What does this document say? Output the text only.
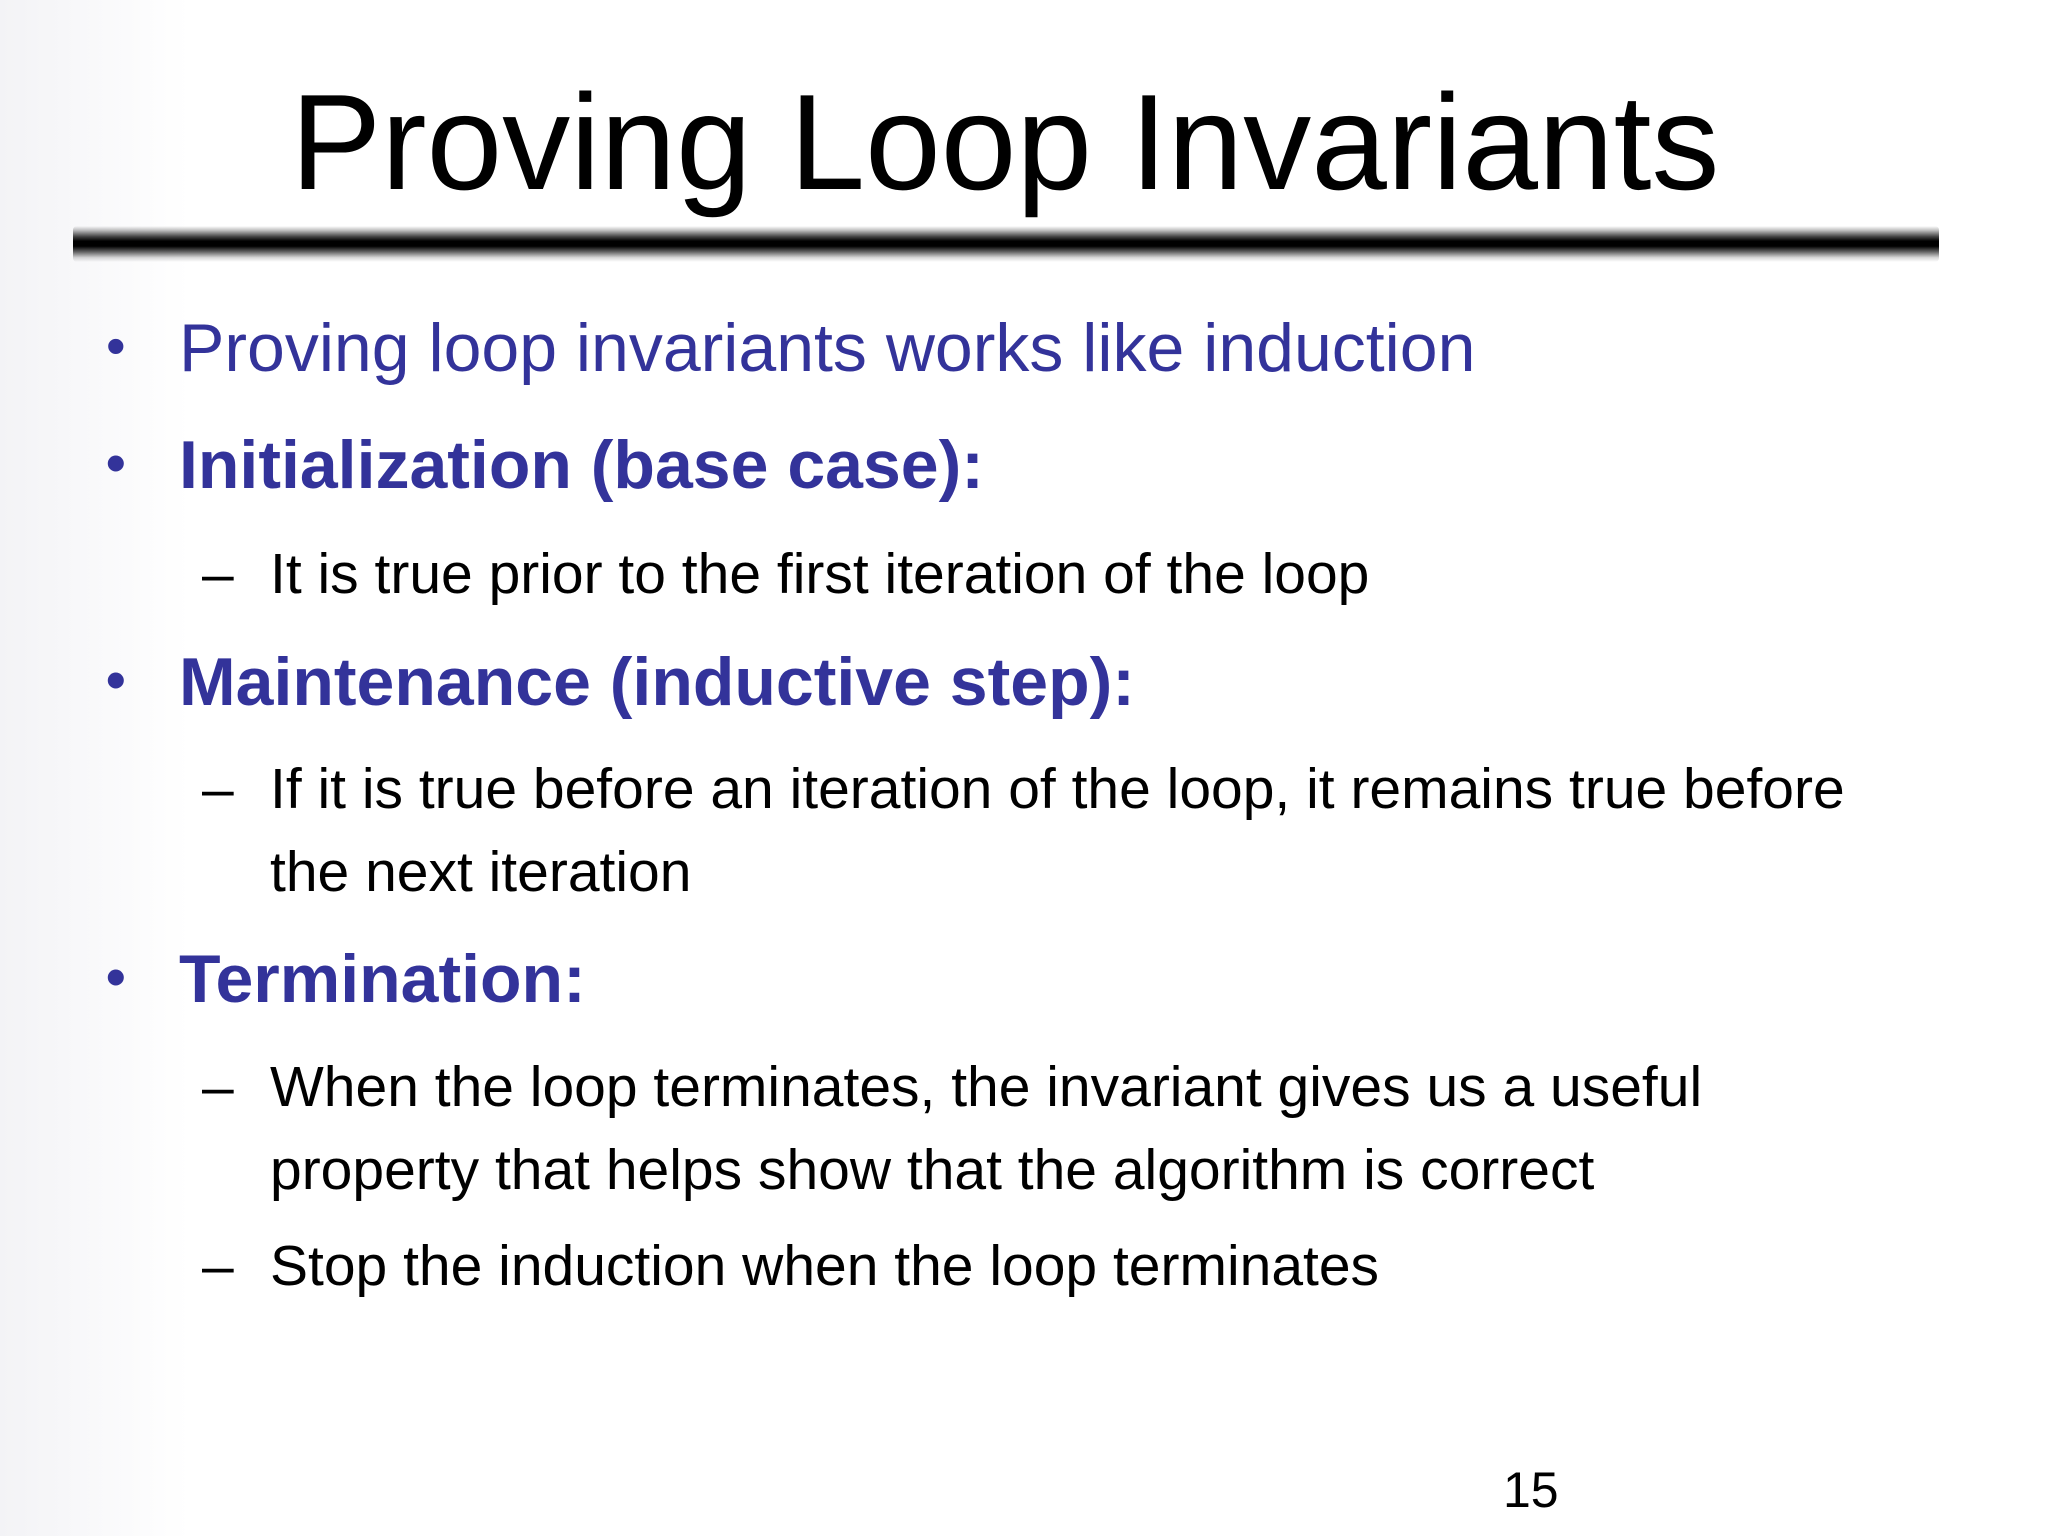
Proving Loop Invariants
• Proving loop invariants works like induction
• Initialization (base case):
– It is true prior to the first iteration of the loop
• Maintenance (inductive step):
– If it is true before an iteration of the loop, it remains true before
the next iteration
• Termination:
– When the loop terminates, the invariant gives us a useful
property that helps show that the algorithm is correct
– Stop the induction when the loop terminates
15
